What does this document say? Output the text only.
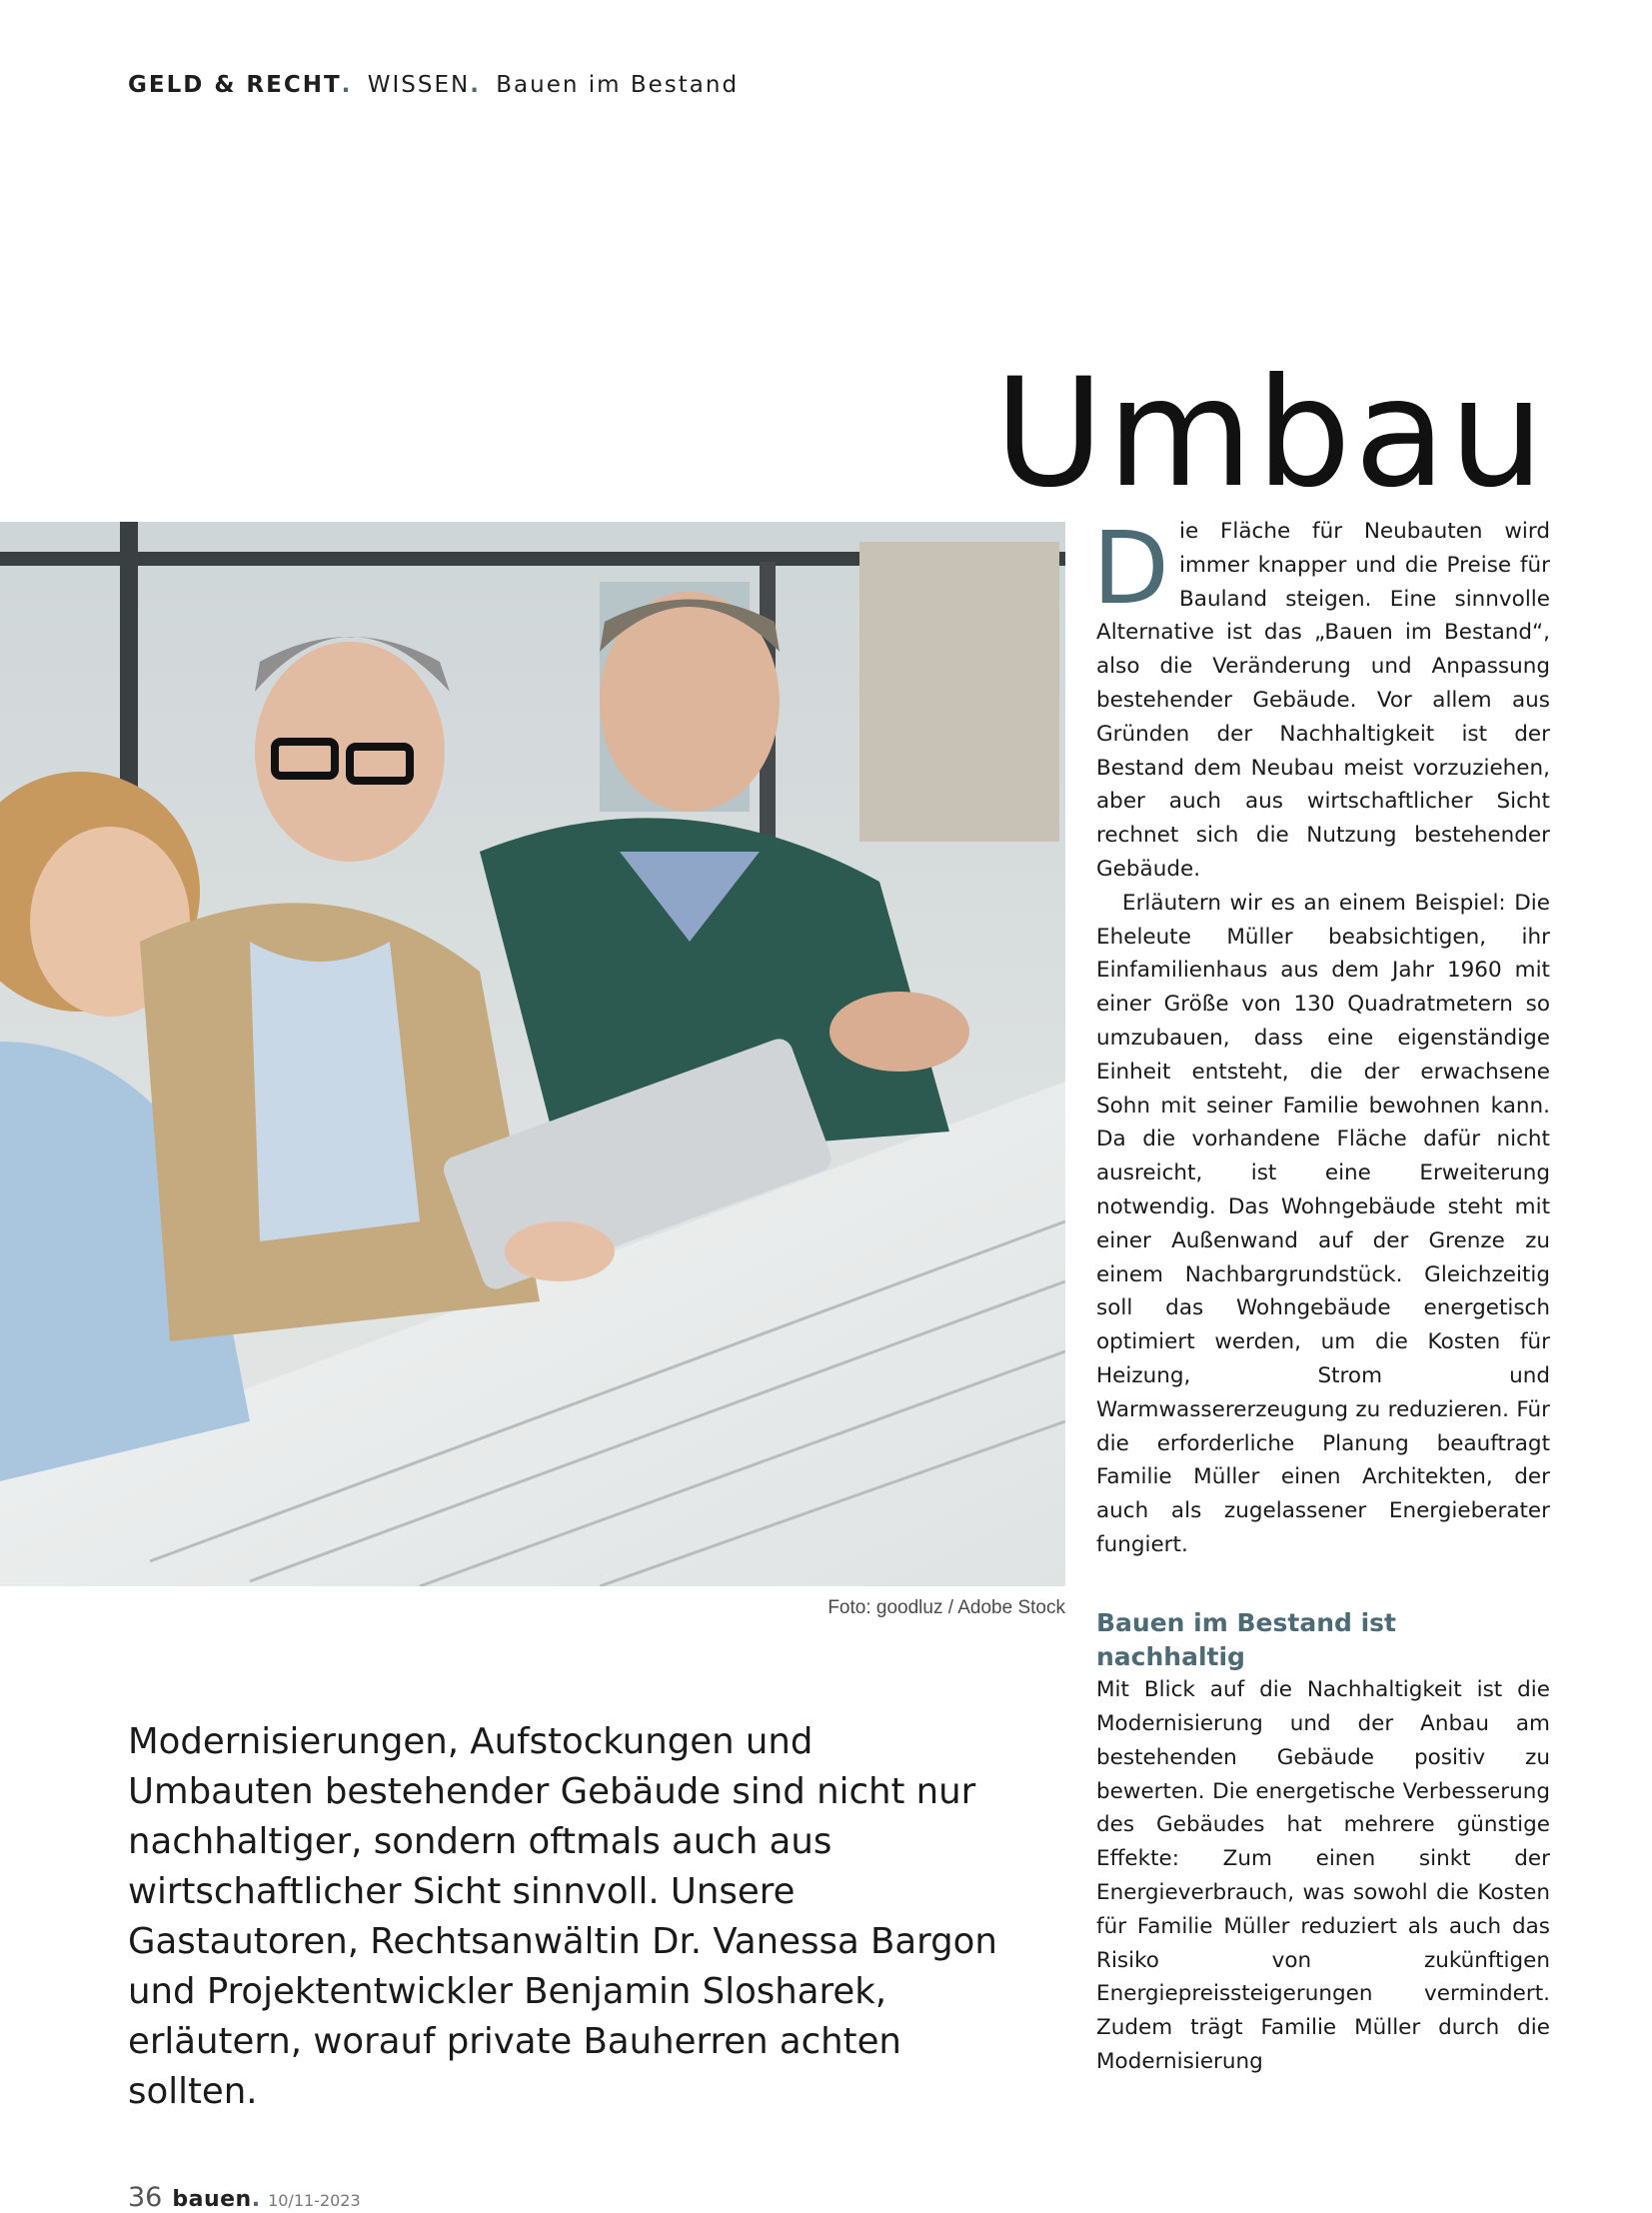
GELD & RECHT. WISSEN. Bauen im Bestand
Umbau
Foto: goodluz / Adobe Stock

Modernisierungen, Aufstockungen und Umbauten bestehender Gebäude sind nicht nur nachhaltiger, sondern oftmals auch aus wirtschaftlicher Sicht sinnvoll. Unsere Gastautoren, Rechtsanwältin Dr. Vanessa Bargon und Projektentwickler Benjamin Slosharek, erläutern, worauf private Bauherren achten sollten.

Die Fläche für Neubauten wird immer knapper und die Preise für Bauland steigen. Eine sinnvolle Alternative ist das „Bauen im Bestand“, also die Veränderung und Anpassung bestehender Gebäude. Vor allem aus Gründen der Nachhaltigkeit ist der Bestand dem Neubau meist vorzuziehen, aber auch aus wirtschaftlicher Sicht rechnet sich die Nutzung bestehender Gebäude.

Erläutern wir es an einem Beispiel: Die Eheleute Müller beabsichtigen, ihr Einfamilienhaus aus dem Jahr 1960 mit einer Größe von 130 Quadratmetern so umzubauen, dass eine eigenständige Einheit entsteht, die der erwachsene Sohn mit seiner Familie bewohnen kann. Da die vorhandene Fläche dafür nicht ausreicht, ist eine Erweiterung notwendig. Das Wohngebäude steht mit einer Außenwand auf der Grenze zu einem Nachbargrundstück. Gleichzeitig soll das Wohngebäude energetisch optimiert werden, um die Kosten für Heizung, Strom und Warmwassererzeugung zu reduzieren. Für die erforderliche Planung beauftragt Familie Müller einen Architekten, der auch als zugelassener Energieberater fungiert.

Bauen im Bestand ist nachhaltig

Mit Blick auf die Nachhaltigkeit ist die Modernisierung und der Anbau am bestehenden Gebäude positiv zu bewerten. Die energetische Verbesserung des Gebäudes hat mehrere günstige Effekte: Zum einen sinkt der Energieverbrauch, was sowohl die Kosten für Familie Müller reduziert als auch das Risiko von zukünftigen Energiepreissteigerungen vermindert. Zudem trägt Familie Müller durch die Modernisierung

36 bauen. 10/11-2023
